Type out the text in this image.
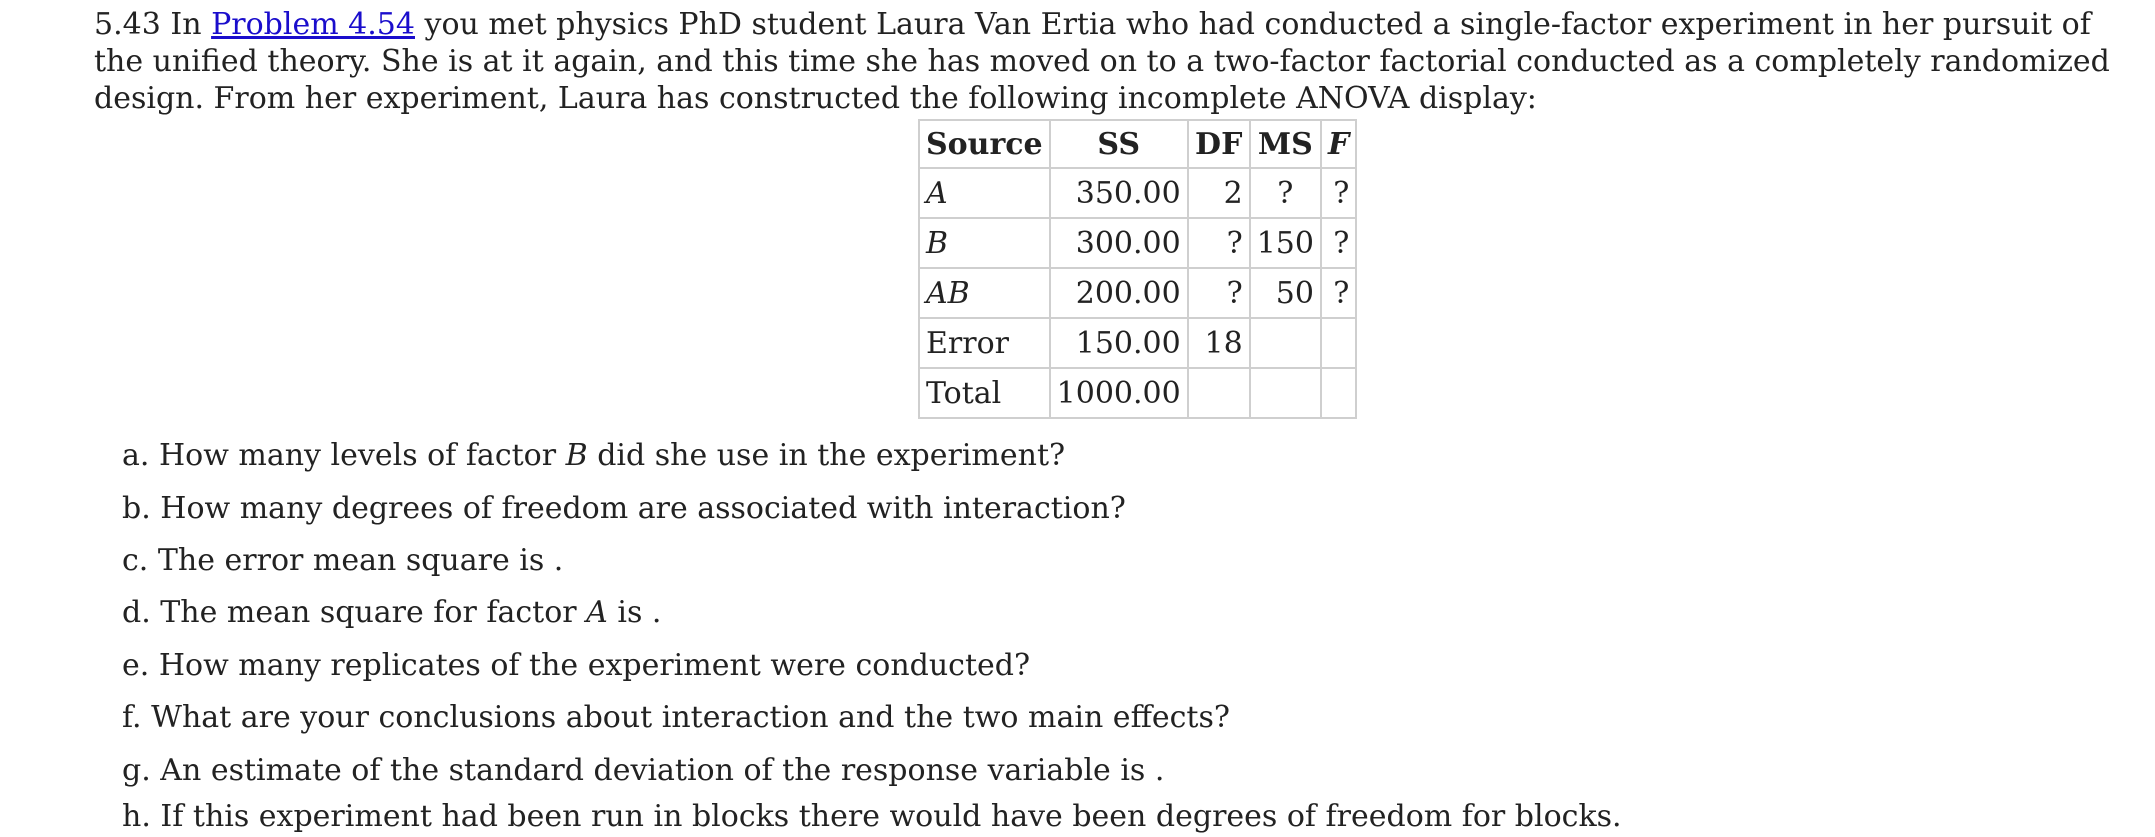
5.43 In Problem 4.54 you met physics PhD student Laura Van Ertia who had conducted a single-factor experiment in her pursuit of the unified theory. She is at it again, and this time she has moved on to a two-factor factorial conducted as a completely randomized design. From her experiment, Laura has constructed the following incomplete ANOVA display:
Source	SS	DF	MS	F
A	350.00	2	?	?
B	300.00	?	150	?
AB	200.00	?	50	?
Error	150.00	18		
Total	1000.00			
a. How many levels of factor B did she use in the experiment?
b. How many degrees of freedom are associated with interaction?
c. The error mean square is .
d. The mean square for factor A is .
e. How many replicates of the experiment were conducted?
f. What are your conclusions about interaction and the two main effects?
g. An estimate of the standard deviation of the response variable is .
h. If this experiment had been run in blocks there would have been degrees of freedom for blocks.
